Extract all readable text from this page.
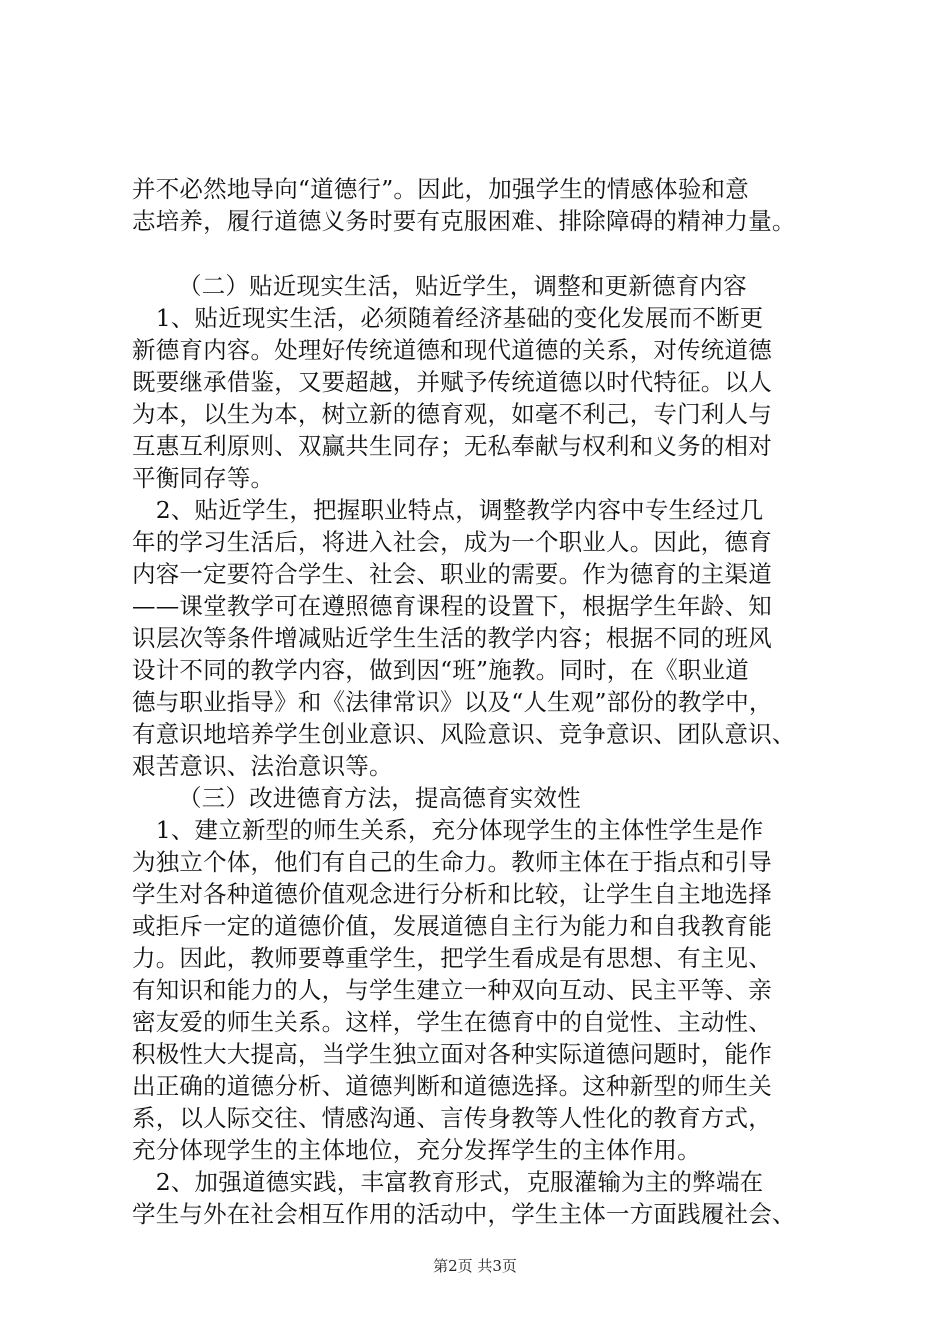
并不必然地导向“道德行”。因此，加强学生的情感体验和意
志培养，履行道德义务时要有克服困难、排除障碍的精神力量。
（二）贴近现实生活，贴近学生，调整和更新德育内容
　1、贴近现实生活，必须随着经济基础的变化发展而不断更
新德育内容。处理好传统道德和现代道德的关系，对传统道德
既要继承借鉴，又要超越，并赋予传统道德以时代特征。以人
为本，以生为本，树立新的德育观，如毫不利己，专门利人与
互惠互利原则、双赢共生同存；无私奉献与权利和义务的相对
平衡同存等。
　2、贴近学生，把握职业特点，调整教学内容中专生经过几
年的学习生活后，将进入社会，成为一个职业人。因此，德育
内容一定要符合学生、社会、职业的需要。作为德育的主渠道
——课堂教学可在遵照德育课程的设置下，根据学生年龄、知
识层次等条件增减贴近学生生活的教学内容；根据不同的班风
设计不同的教学内容，做到因“班”施教。同时，在《职业道
德与职业指导》和《法律常识》以及“人生观”部份的教学中，
有意识地培养学生创业意识、风险意识、竞争意识、团队意识、
艰苦意识、法治意识等。
（三）改进德育方法，提高德育实效性
　1、建立新型的师生关系，充分体现学生的主体性学生是作
为独立个体，他们有自己的生命力。教师主体在于指点和引导
学生对各种道德价值观念进行分析和比较，让学生自主地选择
或拒斥一定的道德价值，发展道德自主行为能力和自我教育能
力。因此，教师要尊重学生，把学生看成是有思想、有主见、
有知识和能力的人，与学生建立一种双向互动、民主平等、亲
密友爱的师生关系。这样，学生在德育中的自觉性、主动性、
积极性大大提高，当学生独立面对各种实际道德问题时，能作
出正确的道德分析、道德判断和道德选择。这种新型的师生关
系，以人际交往、情感沟通、言传身教等人性化的教育方式，
充分体现学生的主体地位，充分发挥学生的主体作用。
　2、加强道德实践，丰富教育形式，克服灌输为主的弊端在
学生与外在社会相互作用的活动中，学生主体一方面践履社会、
第2页 共3页
